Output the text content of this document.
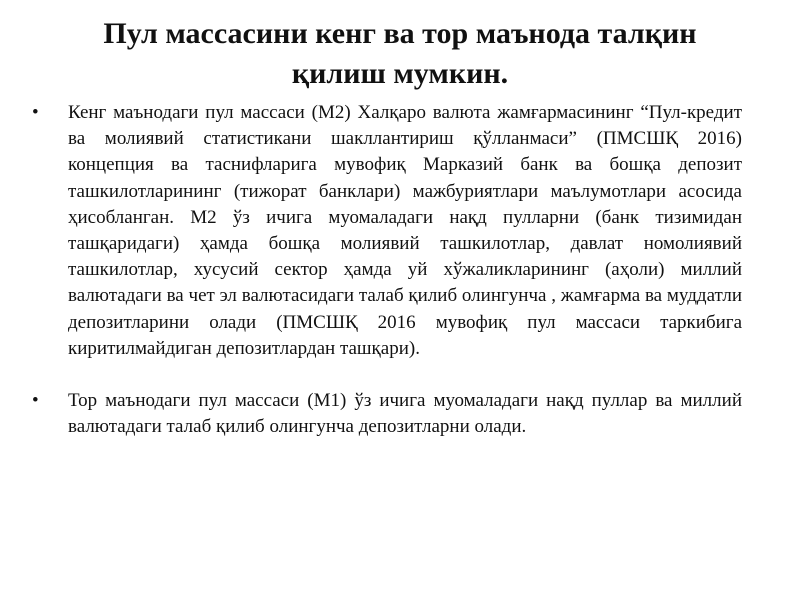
Пул массасини кенг ва тор маънода талқин қилиш мумкин.
• Кенг маънодаги пул массаси (М2) Халқаро валюта жамғармасининг “Пул-кредит ва молиявий статистикани шакллантириш қўлланмаси” (ПМСШҚ 2016) концепция ва таснифларига мувофиқ Марказий банк ва бошқа депозит ташкилотларининг (тижорат банклари) мажбуриятлари маълумотлари асосида ҳисобланган. М2 ўз ичига муомаладаги нақд пулларни (банк тизимидан ташқаридаги) ҳамда бошқа молиявий ташкилотлар, давлат номолиявий ташкилотлар, хусусий сектор ҳамда уй хўжаликларининг (аҳоли) миллий валютадаги ва чет эл валютасидаги талаб қилиб олингунча , жамғарма ва муддатли депозитларини олади (ПМСШҚ 2016 мувофиқ пул массаси таркибига киритилмайдиган депозитлардан ташқари).
• Тор маънодаги пул массаси (М1) ўз ичига муомаладаги нақд пуллар ва миллий валютадаги талаб қилиб олингунча депозитларни олади.
